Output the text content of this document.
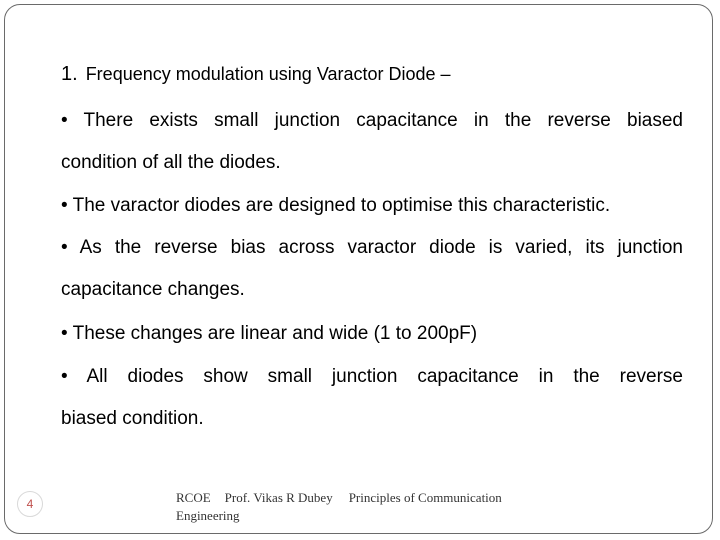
1. Frequency modulation using Varactor Diode –
• There exists small junction capacitance in the reverse biased
condition of all the diodes.
• The varactor diodes are designed to optimise this characteristic.
• As the reverse bias across varactor diode is varied, its junction
capacitance changes.
• These changes are linear and wide (1 to 200pF)
• All diodes show small junction capacitance in the reverse
biased condition.
4	RCOE Prof. Vikas R Dubey Principles of Communication
Engineering
